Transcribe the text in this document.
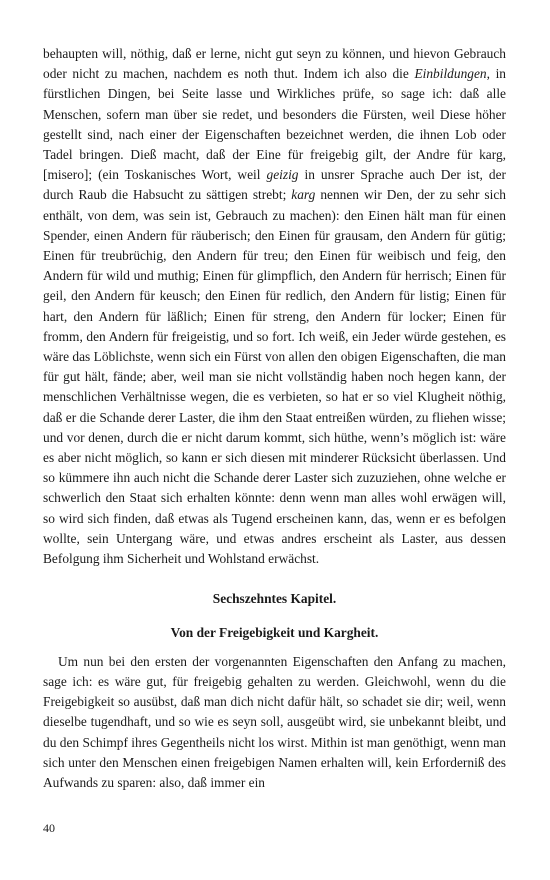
behaupten will, nöthig, daß er lerne, nicht gut seyn zu können, und hievon Gebrauch oder nicht zu machen, nachdem es noth thut. Indem ich also die Einbildungen, in fürstlichen Dingen, bei Seite lasse und Wirkliches prüfe, so sage ich: daß alle Menschen, sofern man über sie redet, und besonders die Fürsten, weil Diese höher gestellt sind, nach einer der Eigenschaften bezeichnet werden, die ihnen Lob oder Tadel bringen. Dieß macht, daß der Eine für freigebig gilt, der Andre für karg, [misero]; (ein Toskanisches Wort, weil geizig in unsrer Sprache auch Der ist, der durch Raub die Habsucht zu sättigen strebt; karg nennen wir Den, der zu sehr sich enthält, von dem, was sein ist, Gebrauch zu machen): den Einen hält man für einen Spender, einen Andern für räuberisch; den Einen für grausam, den Andern für gütig; Einen für treubrüchig, den Andern für treu; den Einen für weibisch und feig, den Andern für wild und muthig; Einen für glimpflich, den Andern für herrisch; Einen für geil, den Andern für keusch; den Einen für redlich, den Andern für listig; Einen für hart, den Andern für läßlich; Einen für streng, den Andern für locker; Einen für fromm, den Andern für freigeistig, und so fort. Ich weiß, ein Jeder würde gestehen, es wäre das Löblichste, wenn sich ein Fürst von allen den obigen Eigenschaften, die man für gut hält, fände; aber, weil man sie nicht vollständig haben noch hegen kann, der menschlichen Verhältnisse wegen, die es verbieten, so hat er so viel Klugheit nöthig, daß er die Schande derer Laster, die ihm den Staat entreißen würden, zu fliehen wisse; und vor denen, durch die er nicht darum kommt, sich hüthe, wenn’s möglich ist: wäre es aber nicht möglich, so kann er sich diesen mit minderer Rücksicht überlassen. Und so kümmere ihn auch nicht die Schande derer Laster sich zuzuziehen, ohne welche er schwerlich den Staat sich erhalten könnte: denn wenn man alles wohl erwägen will, so wird sich finden, daß etwas als Tugend erscheinen kann, das, wenn er es befolgen wollte, sein Untergang wäre, und etwas andres erscheint als Laster, aus dessen Befolgung ihm Sicherheit und Wohlstand erwächst.

Sechszehntes Kapitel.

Von der Freigebigkeit und Kargheit.

Um nun bei den ersten der vorgenannten Eigenschaften den Anfang zu machen, sage ich: es wäre gut, für freigebig gehalten zu werden. Gleichwohl, wenn du die Freigebigkeit so ausübst, daß man dich nicht dafür hält, so schadet sie dir; weil, wenn dieselbe tugendhaft, und so wie es seyn soll, ausgeübt wird, sie unbekannt bleibt, und du den Schimpf ihres Gegentheils nicht los wirst. Mithin ist man genöthigt, wenn man sich unter den Menschen einen freigebigen Namen erhalten will, kein Erforderniß des Aufwands zu sparen: also, daß immer ein

40
